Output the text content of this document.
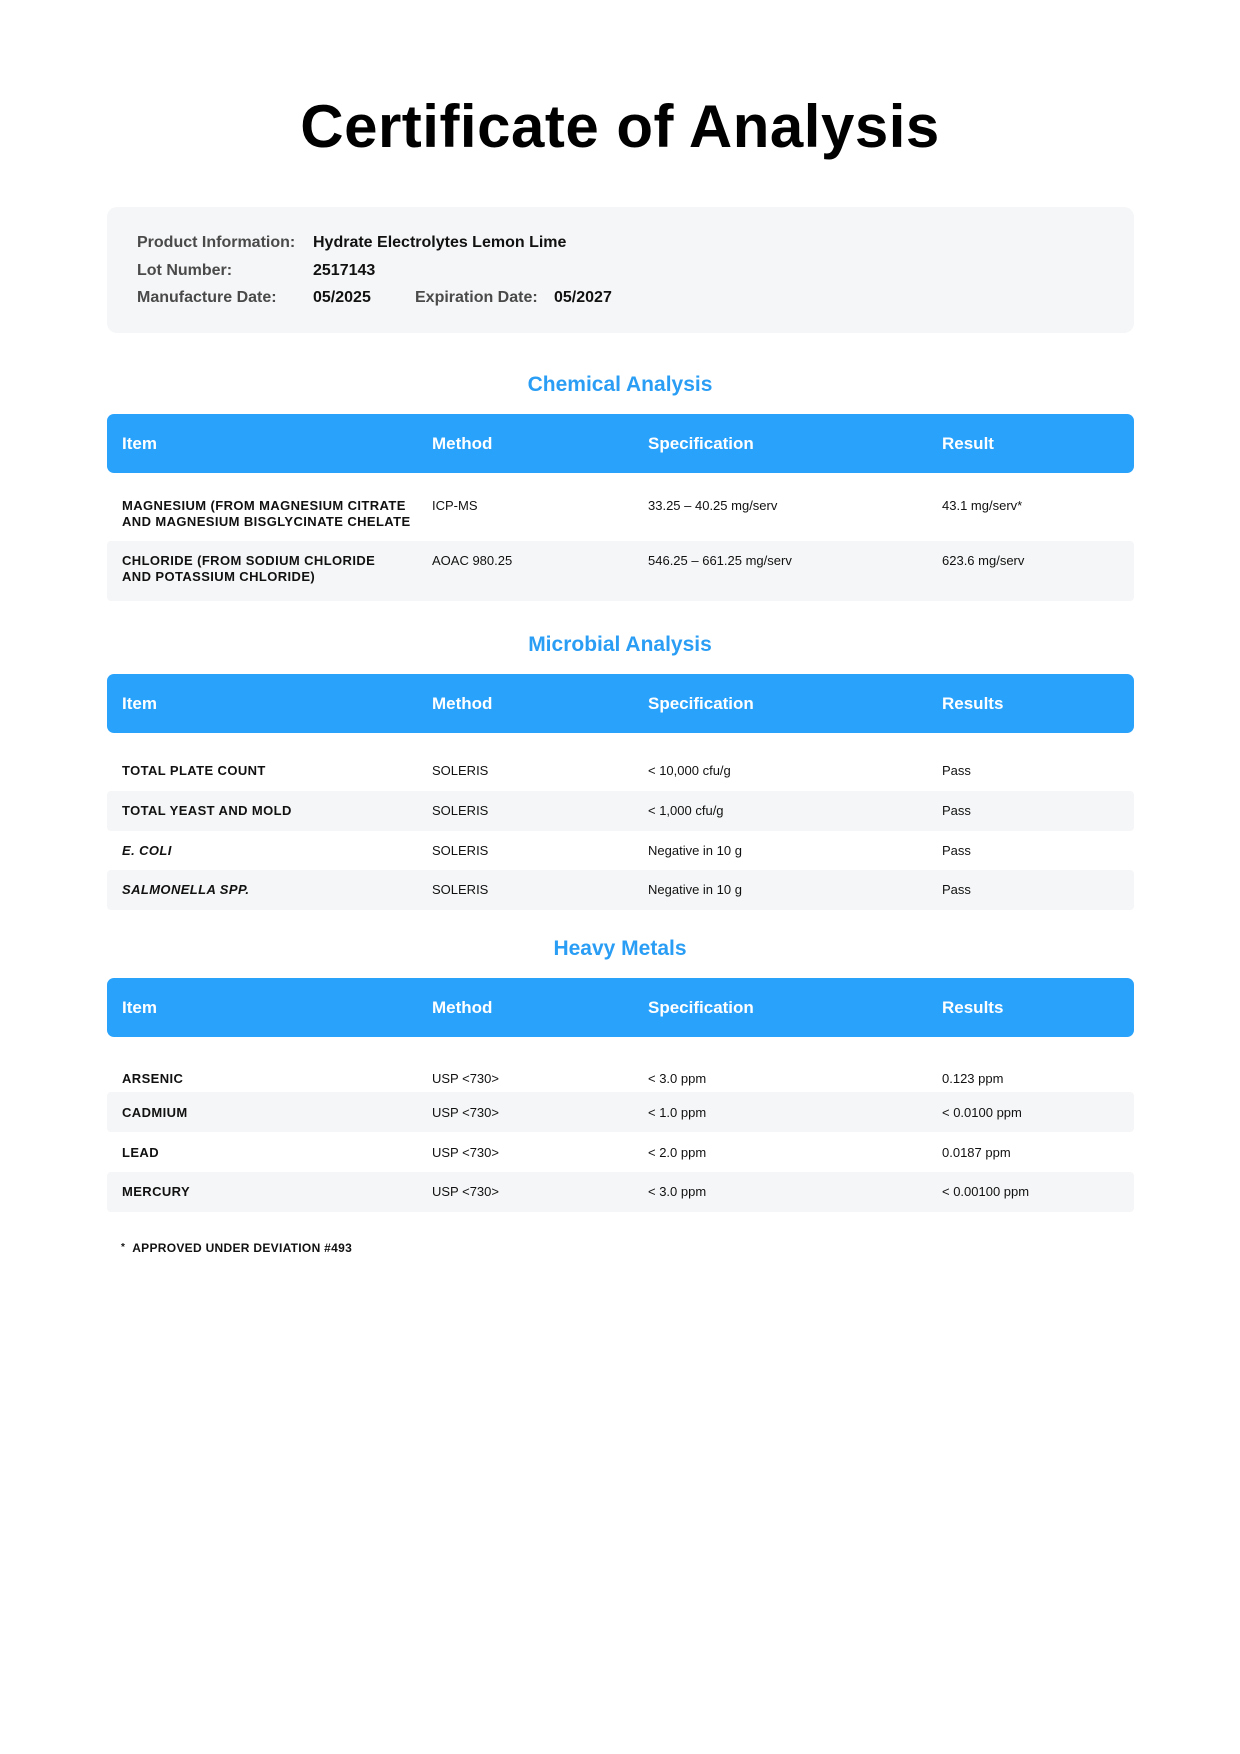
Certificate of Analysis
Product Information: Hydrate Electrolytes Lemon Lime
Lot Number:	2517143
Manufacture Date: 05/2025	Expiration Date: 05/2027
Chemical Analysis
Item	Method	Specification	Result
MAGNESIUM (FROM MAGNESIUM CITRATE
AND MAGNESIUM BISGLYCINATE CHELATE
ICP-MS	33.25 – 40.25 mg/serv	43.1 mg/serv*
CHLORIDE (FROM SODIUM CHLORIDE
AND POTASSIUM CHLORIDE)
AOAC 980.25	546.25 – 661.25 mg/serv	623.6 mg/serv
Microbial Analysis
Item	Method	Specification	Results
TOTAL PLATE COUNT	SOLERIS	< 10,000 cfu/g	Pass
TOTAL YEAST AND MOLD	SOLERIS	< 1,000 cfu/g	Pass
E. COLI	SOLERIS	Negative in 10 g	Pass
SALMONELLA SPP.	SOLERIS	Negative in 10 g	Pass
Heavy Metals
Item	Method	Specification	Results
ARSENIC	USP <730>	< 3.0 ppm	0.123 ppm
CADMIUM	USP <730>	< 1.0 ppm	< 0.0100 ppm
LEAD	USP <730>	< 2.0 ppm	0.0187 ppm
MERCURY	USP <730>	< 3.0 ppm	< 0.00100 ppm
* APPROVED UNDER DEVIATION #493
